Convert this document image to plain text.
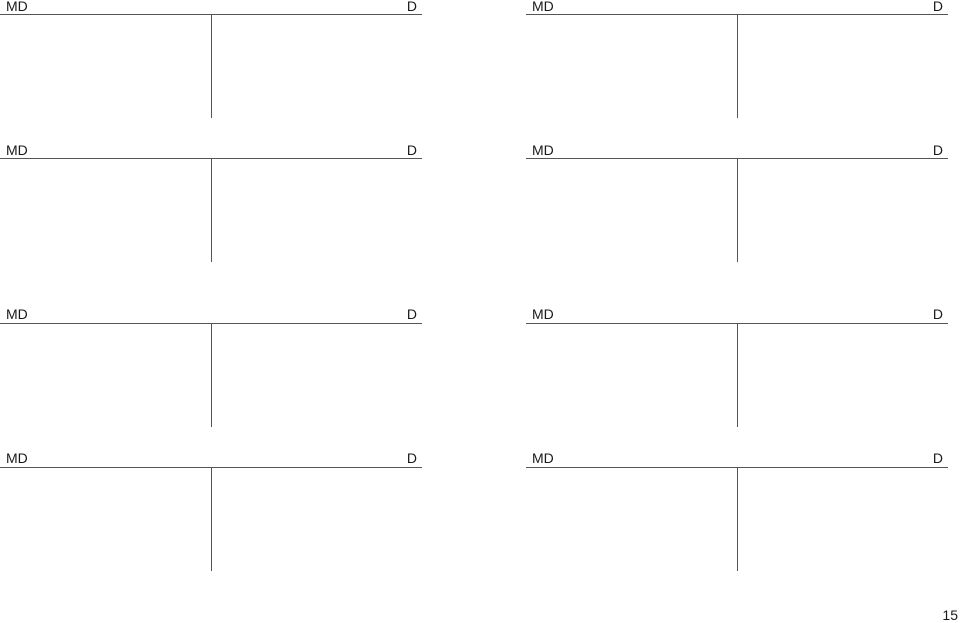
MD	D	MD	D
MD	D	MD	D
MD	D	MD	D
MD	D	MD	D
15
